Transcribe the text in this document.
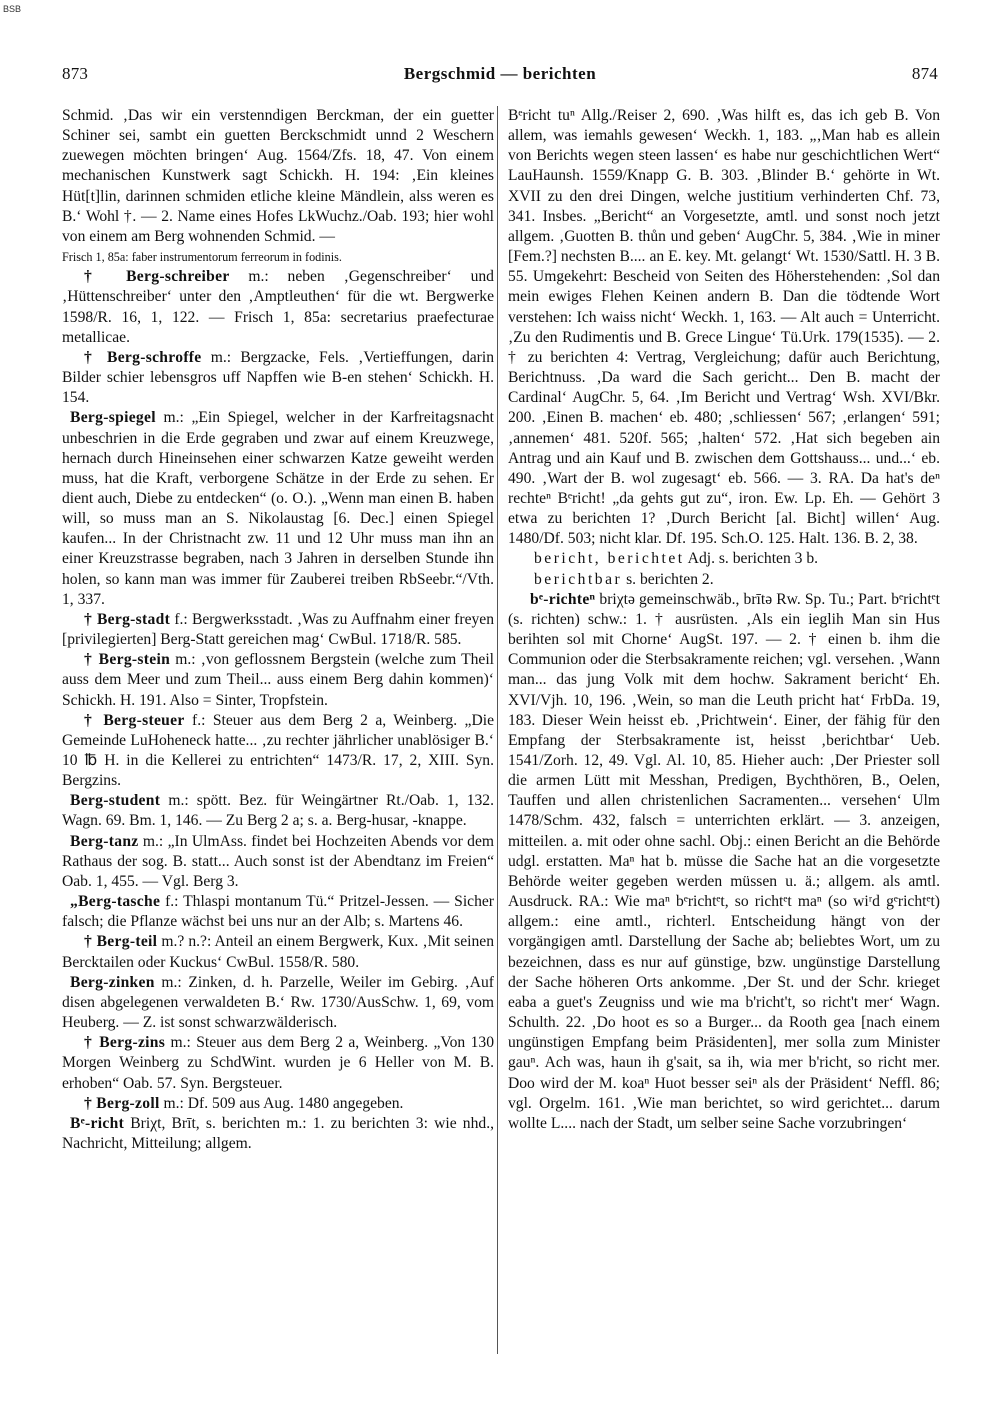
BSB
873	Bergschmid — berichten	874

Schmid. ‚Das wir ein verstenndigen Berckman, der ein guetter Schiner sei, sambt ein guetten Berckschmidt unnd 2 Weschern zuewegen möchten bringen‘ Aug. 1564/Zfs. 18, 47. Von einem mechanischen Kunstwerk sagt Schickh. H. 194: ‚Ein kleines Hüt[t]lin, darinnen schmiden etliche kleine Mändlein, alss weren es B.‘ Wohl †. — 2. Name eines Hofes LkWuchz./Oab. 193; hier wohl von einem am Berg wohnenden Schmid. —

Frisch 1, 85a: faber instrumentorum ferreorum in fodinis.

† Berg-schreiber m.: neben ‚Gegenschreiber‘ und ‚Hüttenschreiber‘ unter den ‚Amptleuthen‘ für die wt. Bergwerke 1598/R. 16, 1, 122. — Frisch 1, 85a: secretarius praefecturae metallicae.

† Berg-schroffe m.: Bergzacke, Fels. ‚Vertieffungen, darin Bilder schier lebensgros uff Napffen wie B-en stehen‘ Schickh. H. 154.

Berg-spiegel m.: „Ein Spiegel, welcher in der Karfreitagsnacht unbeschrien in die Erde gegraben und zwar auf einem Kreuzwege, hernach durch Hineinsehen einer schwarzen Katze geweiht werden muss, hat die Kraft, verborgene Schätze in der Erde zu sehen. Er dient auch, Diebe zu entdecken“ (o. O.). „Wenn man einen B. haben will, so muss man an S. Nikolaustag [6. Dec.] einen Spiegel kaufen... In der Christnacht zw. 11 und 12 Uhr muss man ihn an einer Kreuzstrasse begraben, nach 3 Jahren in derselben Stunde ihn holen, so kann man was immer für Zauberei treiben RbSeebr.“/Vth. 1, 337.

† Berg-stadt f.: Bergwerksstadt. ‚Was zu Auffnahm einer freyen [privilegierten] Berg-Statt gereichen mag‘ CwBul. 1718/R. 585.

† Berg-stein m.: ‚von geflossnem Bergstein (welche zum Theil auss dem Meer und zum Theil... auss einem Berg dahin kommen)‘ Schickh. H. 191. Also = Sinter, Tropfstein.

† Berg-steuer f.: Steuer aus dem Berg 2 a, Weinberg. „Die Gemeinde LuHoheneck hatte... ‚zu rechter jährlicher unablösiger B.‘ 10 ℔ H. in die Kellerei zu entrichten“ 1473/R. 17, 2, XIII. Syn. Bergzins.

Berg-student m.: spött. Bez. für Weingärtner Rt./Oab. 1, 132. Wagn. 69. Bm. 1, 146. — Zu Berg 2 a; s. a. Berg-husar, -knappe.

Berg-tanz m.: „In UlmAss. findet bei Hochzeiten Abends vor dem Rathaus der sog. B. statt... Auch sonst ist der Abendtanz im Freien“ Oab. 1, 455. — Vgl. Berg 3.

„Berg-tasche f.: Thlaspi montanum Tü.“ Pritzel-Jessen. — Sicher falsch; die Pflanze wächst bei uns nur an der Alb; s. Martens 46.

† Berg-teil m.? n.?: Anteil an einem Bergwerk, Kux. ‚Mit seinen Bercktailen oder Kuckus‘ CwBul. 1558/R. 580.

Berg-zinken m.: Zinken, d. h. Parzelle, Weiler im Gebirg. ‚Auf disen abgelegenen verwaldeten B.‘ Rw. 1730/AusSchw. 1, 69, vom Heuberg. — Z. ist sonst schwarzwälderisch.

† Berg-zins m.: Steuer aus dem Berg 2 a, Weinberg. „Von 130 Morgen Weinberg zu SchdWint. wurden je 6 Heller von M. B. erhoben“ Oab. 57. Syn. Bergsteuer.

† Berg-zoll m.: Df. 509 aus Aug. 1480 angegeben.

Bᵉ-richt Briχt, Brīt, s. berichten m.: 1. zu berichten 3: wie nhd., Nachricht, Mitteilung; allgem.

Bᵉricht tuⁿ Allg./Reiser 2, 690. ‚Was hilft es, das ich geb B. Von allem, was iemahls gewesen‘ Weckh. 1, 183. „‚Man hab es allein von Berichts wegen steen lassen‘ es habe nur geschichtlichen Wert“ LauHaunsh. 1559/Knapp G. B. 303. ‚Blinder B.‘ gehörte in Wt. XVII zu den drei Dingen, welche justitium verhinderten Chf. 73, 341. Insbes. „Bericht“ an Vorgesetzte, amtl. und sonst noch jetzt allgem. ‚Guotten B. thůn und geben‘ AugChr. 5, 384. ‚Wie in miner [Fem.?] nechsten B.... an E. key. Mt. gelangt‘ Wt. 1530/Sattl. H. 3 B. 55. Umgekehrt: Bescheid von Seiten des Höherstehenden: ‚Sol dan mein ewiges Flehen Keinen andern B. Dan die tödtende Wort verstehen: Ich waiss nicht‘ Weckh. 1, 163. — Alt auch = Unterricht. ‚Zu den Rudimentis und B. Grece Lingue‘ Tü.Urk. 179(1535). — 2. † zu berichten 4: Vertrag, Vergleichung; dafür auch Berichtung, Berichtnuss. ‚Da ward die Sach gericht... Den B. macht der Cardinal‘ AugChr. 5, 64. ‚Im Bericht und Vertrag‘ Wsh. XVI/Bkr. 200. ‚Einen B. machen‘ eb. 480; ‚schliessen‘ 567; ‚erlangen‘ 591; ‚annemen‘ 481. 520f. 565; ‚halten‘ 572. ‚Hat sich begeben ain Antrag und ain Kauf und B. zwischen dem Gottshauss... und...‘ eb. 490. ‚Wart der B. wol zugesagt‘ eb. 566. — 3. RA. Da hat's deⁿ rechteⁿ Bᵉricht! „da gehts gut zu“, iron. Ew. Lp. Eh. — Gehört 3 etwa zu berichten 1? ‚Durch Bericht [al. Bicht] willen‘ Aug. 1480/Df. 503; nicht klar. Df. 195. Sch.O. 125. Halt. 136. B. 2, 38.

bericht, berichtet Adj. s. berichten 3 b.

berichtbar s. berichten 2.

bᵉ-richteⁿ briχtə gemeinschwäb., brītə Rw. Sp. Tu.; Part. bᵉrichtᵉt (s. richten) schw.: 1. † ausrüsten. ‚Als ein ieglih Man sin Hus berihten sol mit Chorne‘ AugSt. 197. — 2. † einen b. ihm die Communion oder die Sterbsakramente reichen; vgl. versehen. ‚Wann man... das jung Volk mit dem hochw. Sakrament bericht‘ Eh. XVI/Vjh. 10, 196. ‚Wein, so man die Leuth pricht hat‘ FrbDa. 19, 183. Dieser Wein heisst eb. ‚Prichtwein‘. Einer, der fähig für den Empfang der Sterbsakramente ist, heisst ‚berichtbar‘ Ueb. 1541/Zorh. 12, 49. Vgl. Al. 10, 85. Hieher auch: ‚Der Priester soll die armen Lütt mit Messhan, Predigen, Bychthören, B., Oelen, Tauffen und allen christenlichen Sacramenten... versehen‘ Ulm 1478/Schm. 432, falsch = unterrichten erklärt. — 3. anzeigen, mitteilen. a. mit oder ohne sachl. Obj.: einen Bericht an die Behörde udgl. erstatten. Maⁿ hat b. müsse die Sache hat an die vorgesetzte Behörde weiter gegeben werden müssen u. ä.; allgem. als amtl. Ausdruck. RA.: Wie maⁿ bᵉrichtᵉt, so richtᵉt maⁿ (so wiʳd gᵉrichtᵉt) allgem.: eine amtl., richterl. Entscheidung hängt von der vorgängigen amtl. Darstellung der Sache ab; beliebtes Wort, um zu bezeichnen, dass es nur auf günstige, bzw. ungünstige Darstellung der Sache höheren Orts ankomme. ‚Der St. und der Schr. krieget eaba a guet's Zeugniss und wie ma b'richt't, so richt't mer‘ Wagn. Schulth. 22. ‚Do hoot es so a Burger... da Rooth gea [nach einem ungünstigen Empfang beim Präsidenten], mer solla zum Minister gauⁿ. Ach was, haun ih g'sait, sa ih, wia mer b'richt, so richt mer. Doo wird der M. koaⁿ Huot besser seiⁿ als der Präsident‘ Neffl. 86; vgl. Orgelm. 161. ‚Wie man berichtet, so wird gerichtet... darum wollte L.... nach der Stadt, um selber seine Sache vorzubringen‘
